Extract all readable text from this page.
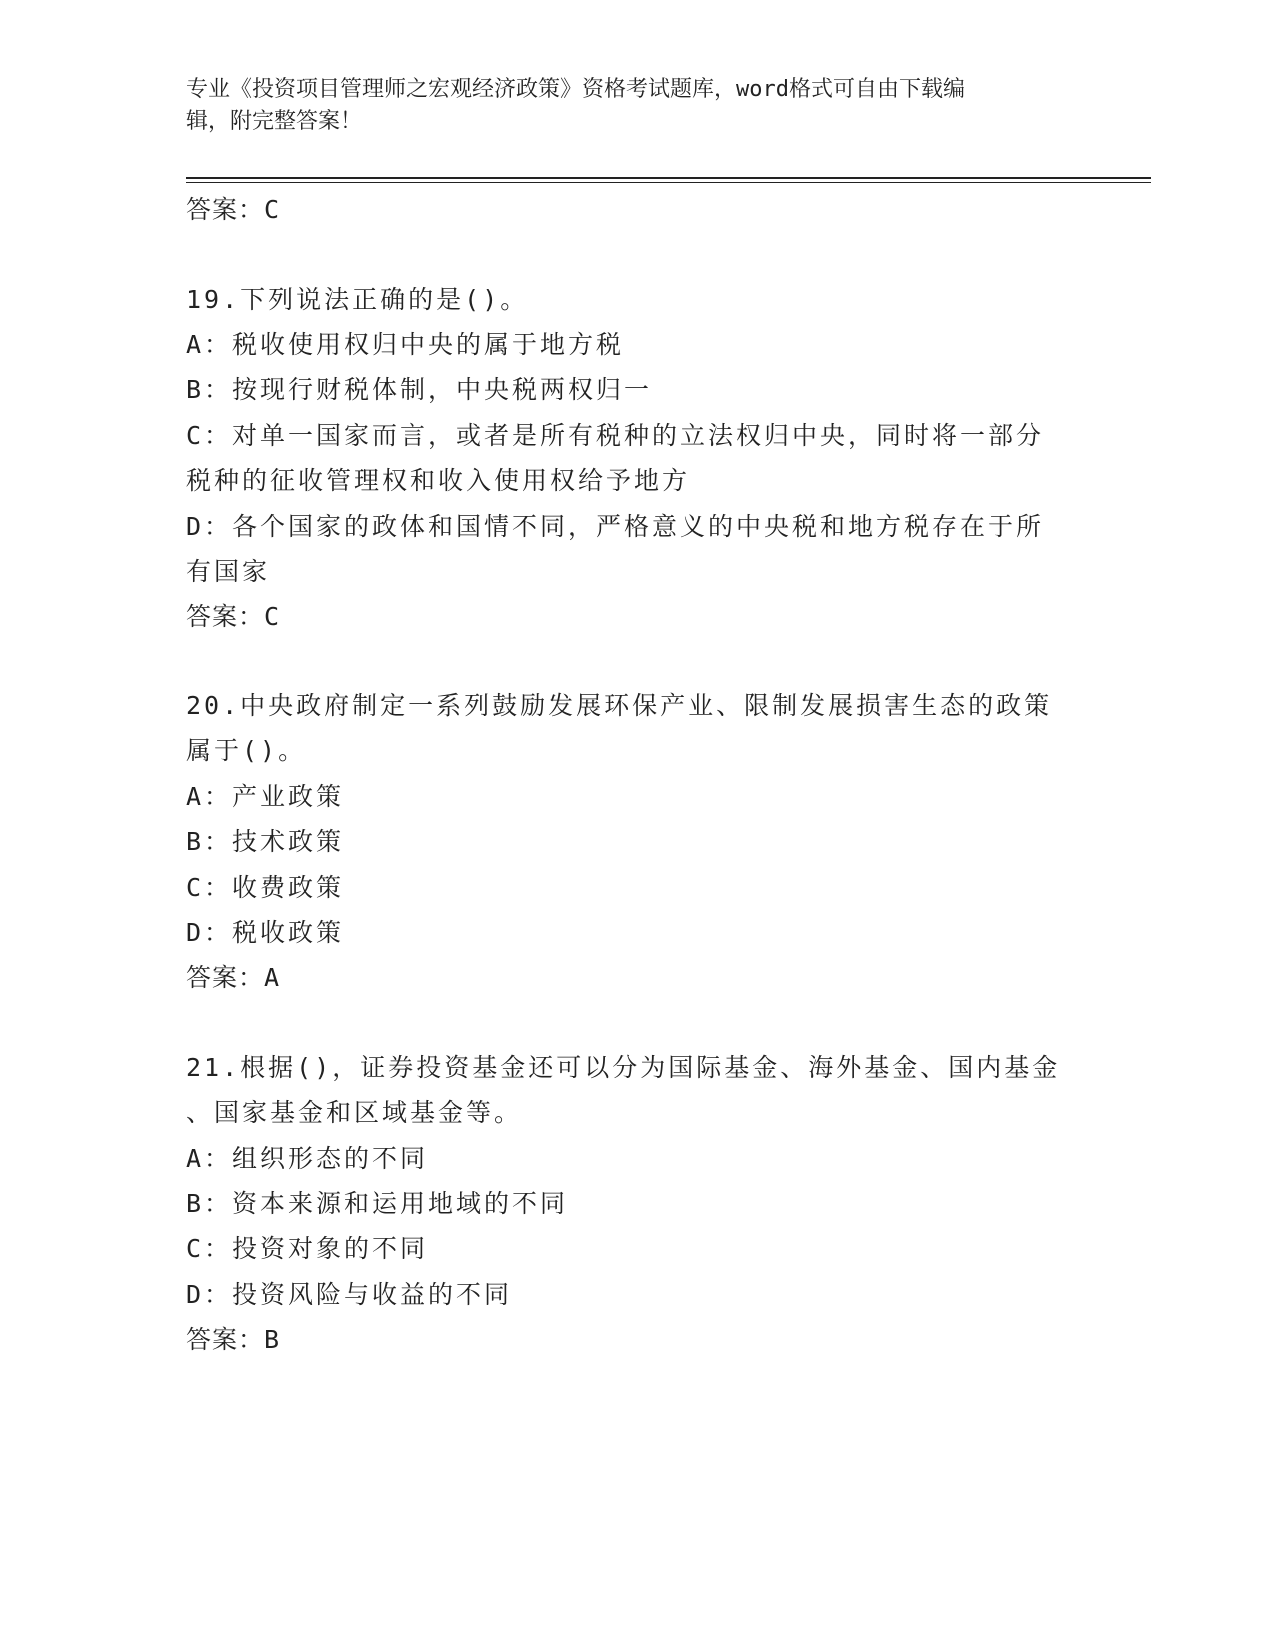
专业《投资项目管理师之宏观经济政策》资格考试题库，word格式可自由下载编
辑，附完整答案！
答案：C
19.下列说法正确的是()。
A：税收使用权归中央的属于地方税
B：按现行财税体制，中央税两权归一
C：对单一国家而言，或者是所有税种的立法权归中央，同时将一部分
税种的征收管理权和收入使用权给予地方
D：各个国家的政体和国情不同，严格意义的中央税和地方税存在于所
有国家
答案：C
20.中央政府制定一系列鼓励发展环保产业、限制发展损害生态的政策
属于()。
A：产业政策
B：技术政策
C：收费政策
D：税收政策
答案：A
21.根据()，证券投资基金还可以分为国际基金、海外基金、国内基金
、国家基金和区域基金等。
A：组织形态的不同
B：资本来源和运用地域的不同
C：投资对象的不同
D：投资风险与收益的不同
答案：B
